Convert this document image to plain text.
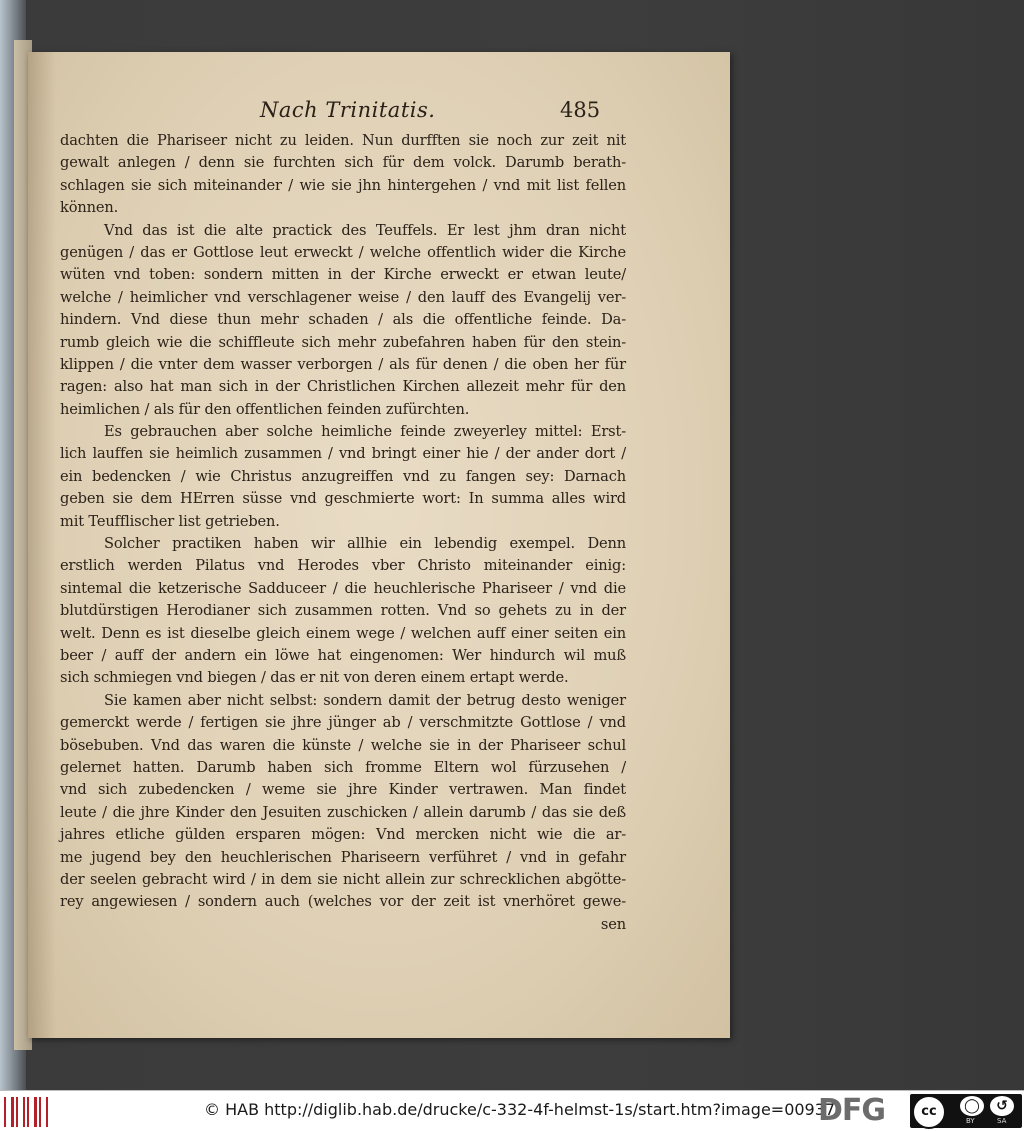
Nach Trinitatis.	485
dachten die Phariseer nicht zu leiden. Nun durfften sie noch zur zeit nit
gewalt anlegen / denn sie furchten sich für dem volck. Darumb berath-
schlagen sie sich miteinander / wie sie jhn hintergehen / vnd mit list fellen
können.
Vnd das ist die alte practick des Teuffels. Er lest jhm dran nicht
genügen / das er Gottlose leut erweckt / welche offentlich wider die Kirche
wüten vnd toben: sondern mitten in der Kirche erweckt er etwan leute/
welche / heimlicher vnd verschlagener weise / den lauff des Evangelij ver-
hindern. Vnd diese thun mehr schaden / als die offentliche feinde. Da-
rumb gleich wie die schiffleute sich mehr zubefahren haben für den stein-
klippen / die vnter dem wasser verborgen / als für denen / die oben her für
ragen: also hat man sich in der Christlichen Kirchen allezeit mehr für den
heimlichen / als für den offentlichen feinden zufürchten.
Es gebrauchen aber solche heimliche feinde zweyerley mittel: Erst-
lich lauffen sie heimlich zusammen / vnd bringt einer hie / der ander dort /
ein bedencken / wie Christus anzugreiffen vnd zu fangen sey: Darnach
geben sie dem HErren süsse vnd geschmierte wort: In summa alles wird
mit Teufflischer list getrieben.
Solcher practiken haben wir allhie ein lebendig exempel. Denn
erstlich werden Pilatus vnd Herodes vber Christo miteinander einig:
sintemal die ketzerische Sadduceer / die heuchlerische Phariseer / vnd die
blutdürstigen Herodianer sich zusammen rotten. Vnd so gehets zu in der
welt. Denn es ist dieselbe gleich einem wege / welchen auff einer seiten ein
beer / auff der andern ein löwe hat eingenomen: Wer hindurch wil muß
sich schmiegen vnd biegen / das er nit von deren einem ertapt werde.
Sie kamen aber nicht selbst: sondern damit der betrug desto weniger
gemerckt werde / fertigen sie jhre jünger ab / verschmitzte Gottlose / vnd
bösebuben. Vnd das waren die künste / welche sie in der Phariseer schul
gelernet hatten. Darumb haben sich fromme Eltern wol fürzusehen /
vnd sich zubedencken / weme sie jhre Kinder vertrawen. Man findet
leute / die jhre Kinder den Jesuiten zuschicken / allein darumb / das sie deß
jahres etliche gülden ersparen mögen: Vnd mercken nicht wie die ar-
me jugend bey den heuchlerischen Phariseern verführet / vnd in gefahr
der seelen gebracht wird / in dem sie nicht allein zur schrecklichen abgötte-
rey angewiesen / sondern auch (welches vor der zeit ist vnerhöret gewe-
sen
© HAB http://diglib.hab.de/drucke/c-332-4f-helmst-1s/start.htm?image=00937
DFG	cc	◯	↺
BY	SA
